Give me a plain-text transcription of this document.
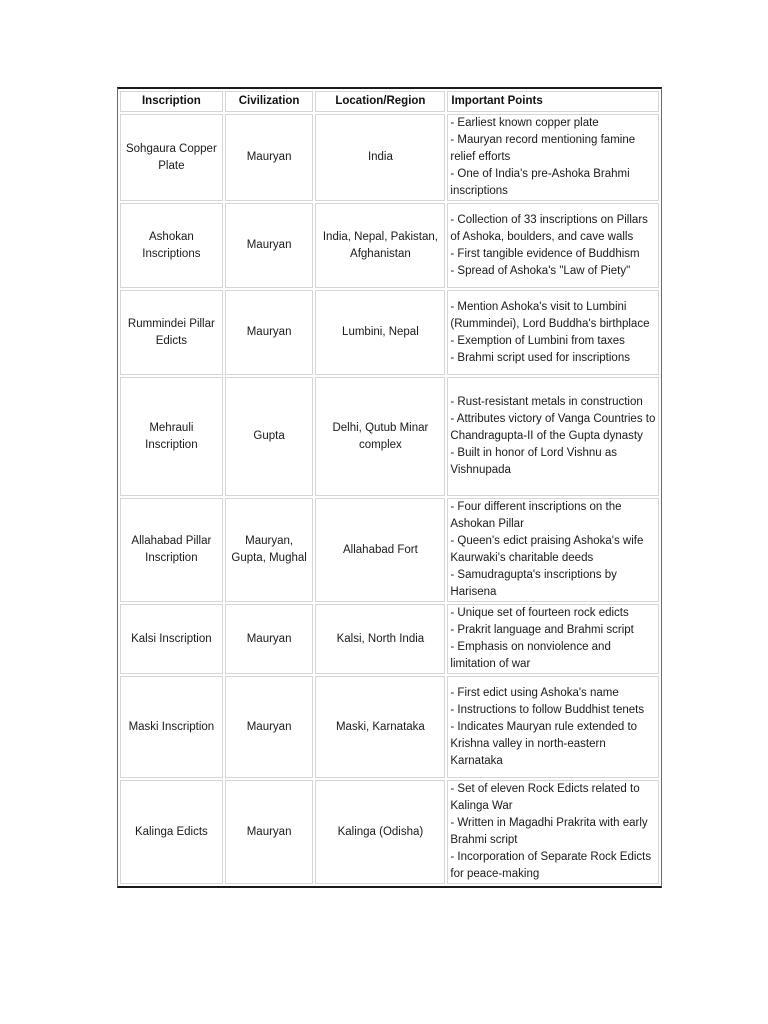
Inscription	Civilization	Location/Region	Important Points
Sohgaura Copper Plate	Mauryan	India	- Earliest known copper plate
- Mauryan record mentioning famine relief efforts
- One of India's pre-Ashoka Brahmi inscriptions

Ashokan Inscriptions	Mauryan	India, Nepal, Pakistan, Afghanistan	- Collection of 33 inscriptions on Pillars of Ashoka, boulders, and cave walls
- First tangible evidence of Buddhism
- Spread of Ashoka's "Law of Piety"

Rummindei Pillar Edicts	Mauryan	Lumbini, Nepal	- Mention Ashoka's visit to Lumbini (Rummindei), Lord Buddha's birthplace
- Exemption of Lumbini from taxes
- Brahmi script used for inscriptions

Mehrauli Inscription	Gupta	Delhi, Qutub Minar complex	- Rust-resistant metals in construction
- Attributes victory of Vanga Countries to Chandragupta-II of the Gupta dynasty
- Built in honor of Lord Vishnu as Vishnupada

Allahabad Pillar Inscription	Mauryan, Gupta, Mughal	Allahabad Fort	- Four different inscriptions on the Ashokan Pillar
- Queen's edict praising Ashoka's wife Kaurwaki's charitable deeds
- Samudragupta's inscriptions by Harisena

Kalsi Inscription	Mauryan	Kalsi, North India	- Unique set of fourteen rock edicts
- Prakrit language and Brahmi script
- Emphasis on nonviolence and limitation of war

Maski Inscription	Mauryan	Maski, Karnataka	- First edict using Ashoka's name
- Instructions to follow Buddhist tenets
- Indicates Mauryan rule extended to Krishna valley in north-eastern Karnataka

Kalinga Edicts	Mauryan	Kalinga (Odisha)	- Set of eleven Rock Edicts related to Kalinga War
- Written in Magadhi Prakrita with early Brahmi script
- Incorporation of Separate Rock Edicts for peace-making
